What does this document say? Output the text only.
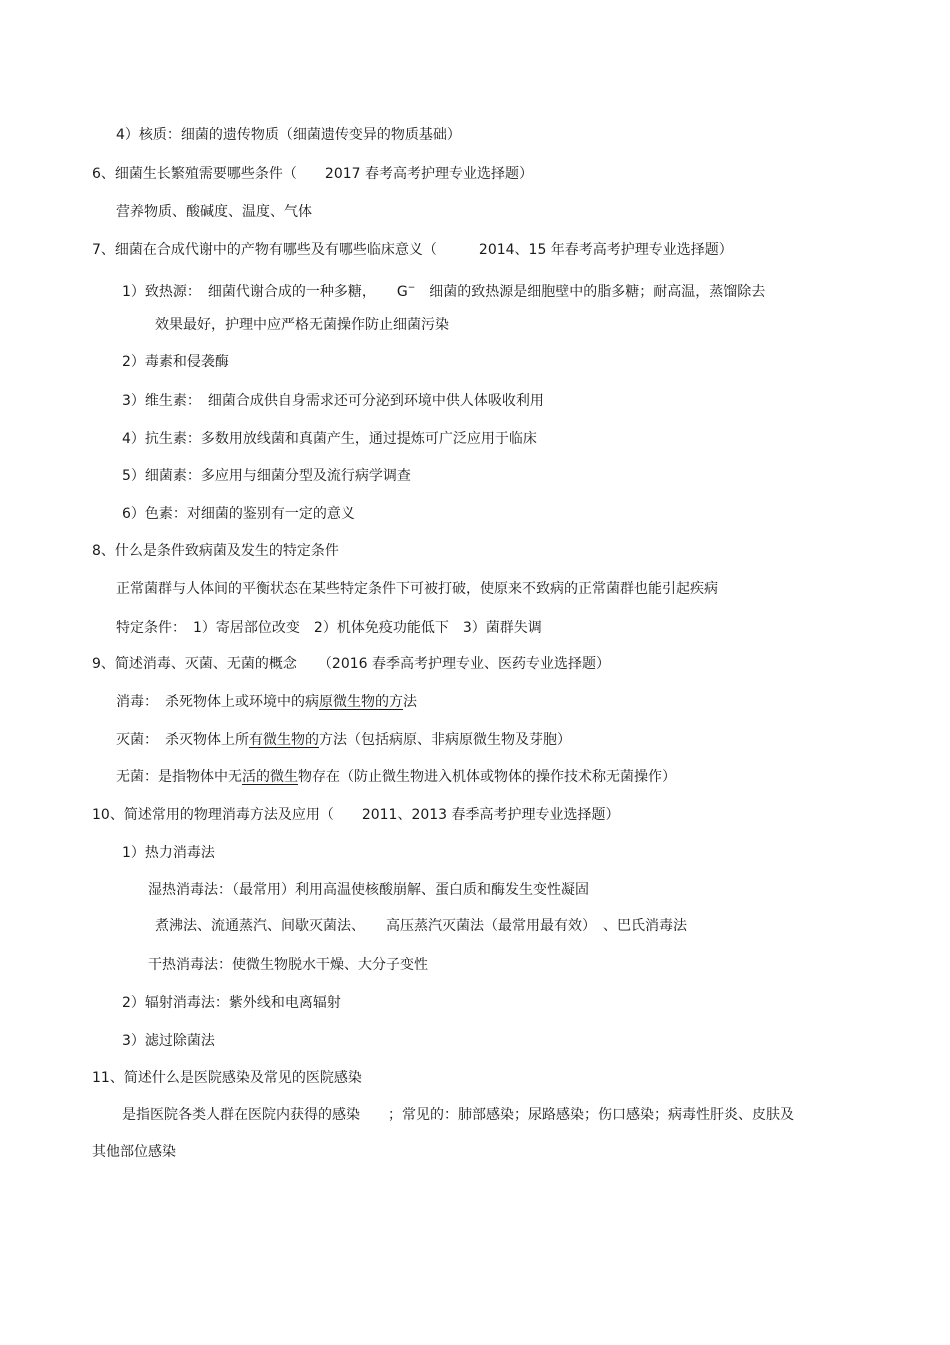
4）核质：细菌的遗传物质（细菌遗传变异的物质基础）
6、细菌生长繁殖需要哪些条件（　　2017 春考高考护理专业选择题）
营养物质、酸碱度、温度、气体
7、细菌在合成代谢中的产物有哪些及有哪些临床意义（　　　2014、15 年春考高考护理专业选择题）
1）致热源：　细菌代谢合成的一种多糖，　　G−　细菌的致热源是细胞壁中的脂多糖；耐高温，蒸馏除去
效果最好，护理中应严格无菌操作防止细菌污染
2）毒素和侵袭酶
3）维生素：　细菌合成供自身需求还可分泌到环境中供人体吸收利用
4）抗生素：多数用放线菌和真菌产生，通过提炼可广泛应用于临床
5）细菌素：多应用与细菌分型及流行病学调查
6）色素：对细菌的鉴别有一定的意义
8、什么是条件致病菌及发生的特定条件
正常菌群与人体间的平衡状态在某些特定条件下可被打破，使原来不致病的正常菌群也能引起疾病
特定条件：　1）寄居部位改变　2）机体免疫功能低下　3）菌群失调
9、简述消毒、灭菌、无菌的概念　　（2016 春季高考护理专业、医药专业选择题）
消毒：　杀死物体上或环境中的病原微生物的方法
灭菌：　杀灭物体上所有微生物的方法（包括病原、非病原微生物及芽胞）
无菌：是指物体中无活的微生物存在（防止微生物进入机体或物体的操作技术称无菌操作）
10、简述常用的物理消毒方法及应用（　　2011、2013 春季高考护理专业选择题）
1）热力消毒法
湿热消毒法：（最常用）利用高温使核酸崩解、蛋白质和酶发生变性凝固
煮沸法、流通蒸汽、间歇灭菌法、　　高压蒸汽灭菌法（最常用最有效）　、巴氏消毒法
干热消毒法：使微生物脱水干燥、大分子变性
2）辐射消毒法：紫外线和电离辐射
3）滤过除菌法
11、简述什么是医院感染及常见的医院感染
是指医院各类人群在医院内获得的感染　　；常见的：肺部感染；尿路感染；伤口感染；病毒性肝炎、皮肤及
其他部位感染
